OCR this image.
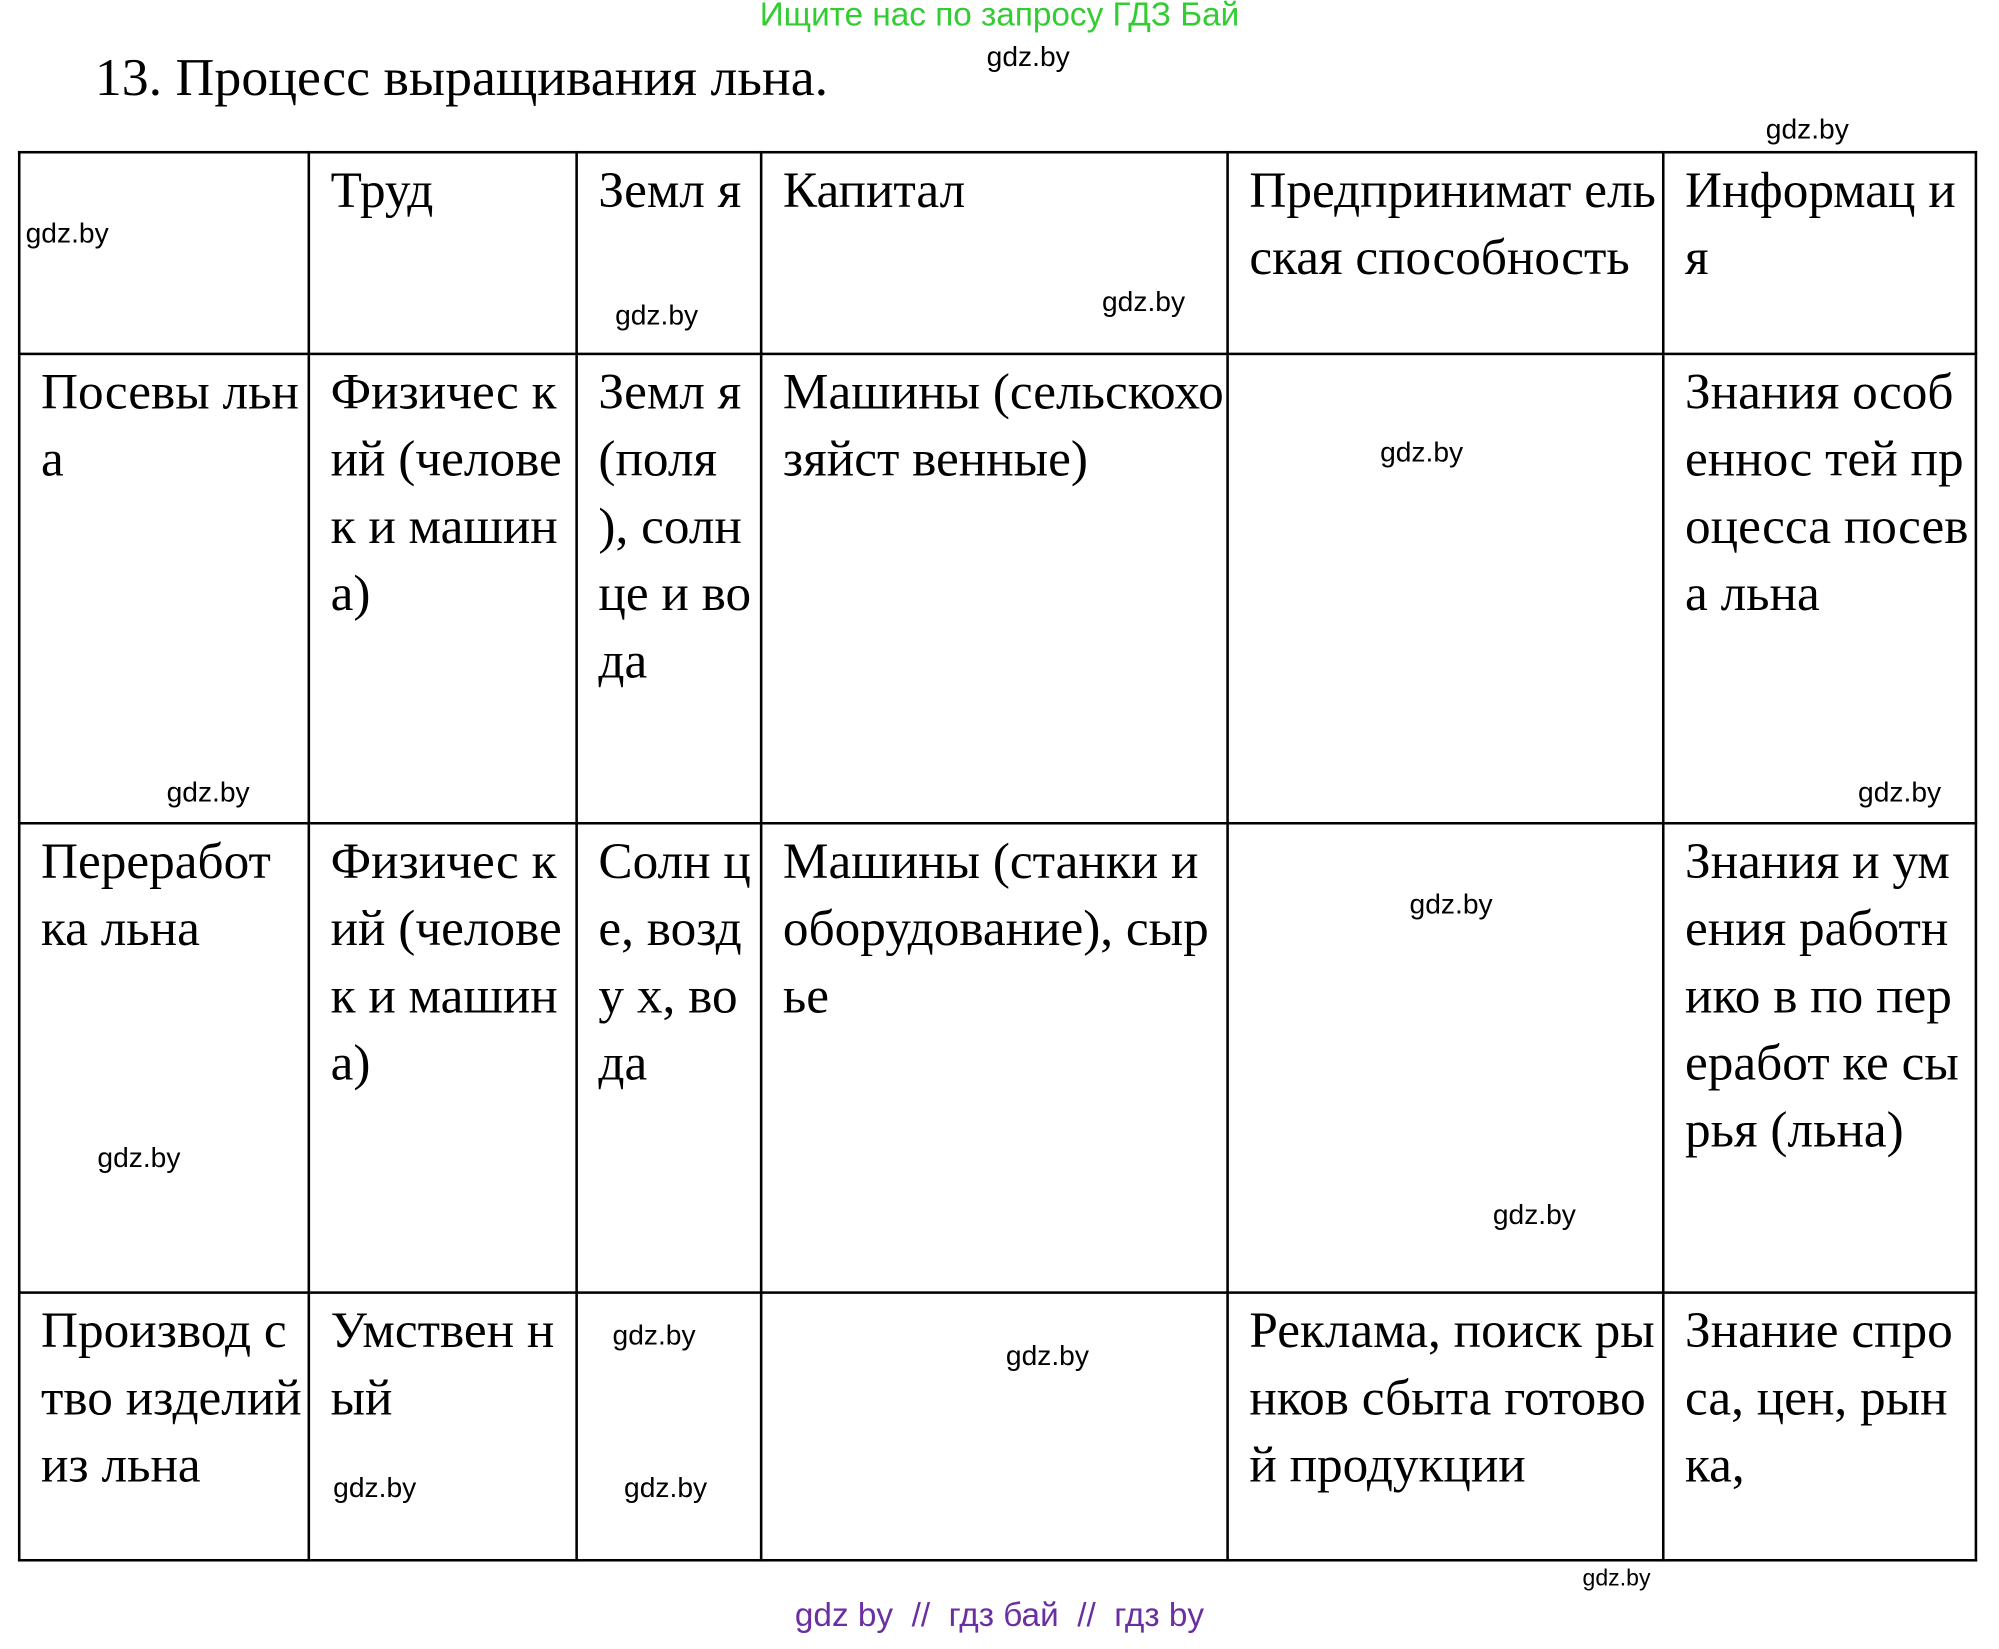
Ищите нас по запросу ГДЗ Бай
13. Процесс выращивания льна.
	Труд	Земл я	Капитал	Предпринимат ельская способность	Информац ия
Посевы льна	Физичес кий (человек и машина)	Земл я (поля ), солн це и вода	Машины (сельскохозяйст венные)		Знания особеннос тей процесса посева льна
Переработ ка льна	Физичес кий (человек и машина)	Солн це, возду х, вода	Машины (станки и оборудование), сырье		Знания и умения работнико в по переработ ке сырья (льна)
Производ ство изделий из льна	Умствен ный			Реклама, поиск рынков сбыта готовой продукции	Знание спроса, цен, рынка,
gdz.by
gdz.by
gdz.by
gdz.by
gdz.by
gdz.by
gdz.by
gdz.by
gdz.by
gdz.by
gdz.by
gdz.by
gdz.by
gdz.by	gdz.by
gdz.by
gdz by  //  гдз бай  //  гдз by
